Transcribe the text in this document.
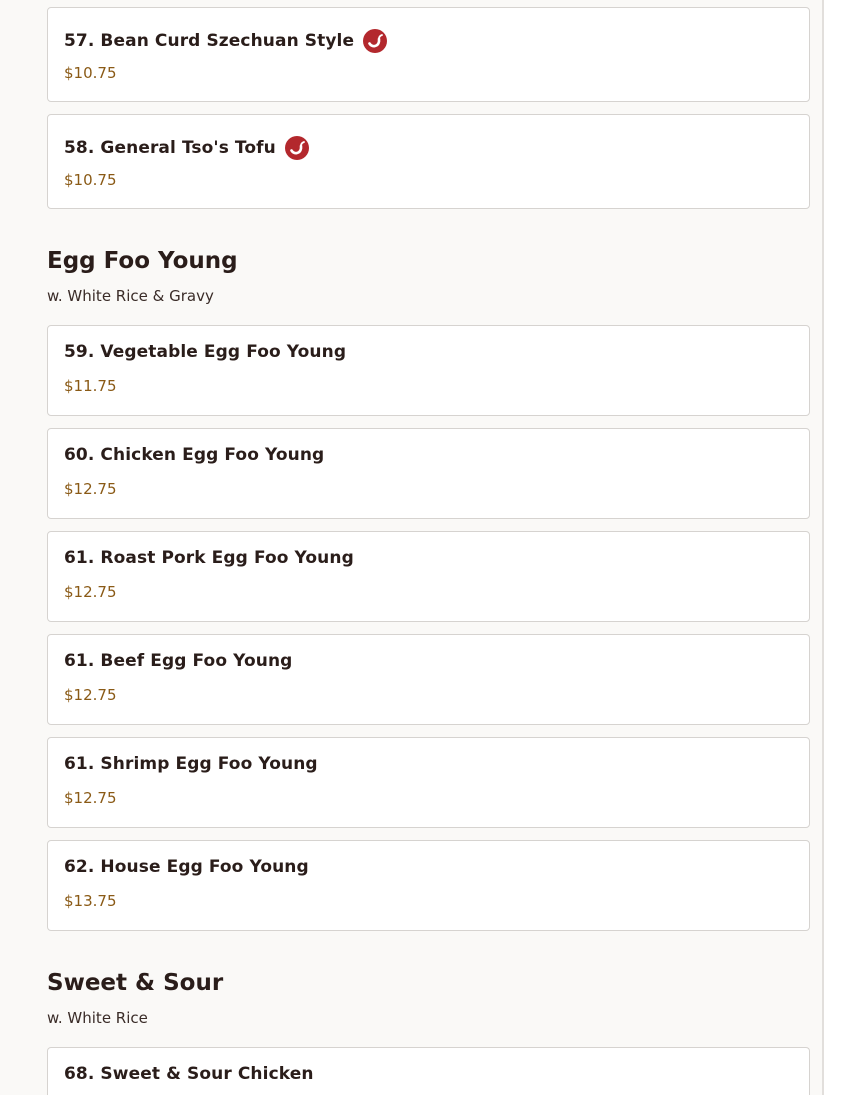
57. Bean Curd Szechuan Style
$10.75
58. General Tso's Tofu
$10.75
Egg Foo Young
w. White Rice & Gravy
59. Vegetable Egg Foo Young
$11.75
60. Chicken Egg Foo Young
$12.75
61. Roast Pork Egg Foo Young
$12.75
61. Beef Egg Foo Young
$12.75
61. Shrimp Egg Foo Young
$12.75
62. House Egg Foo Young
$13.75
Sweet & Sour
w. White Rice
68. Sweet & Sour Chicken
